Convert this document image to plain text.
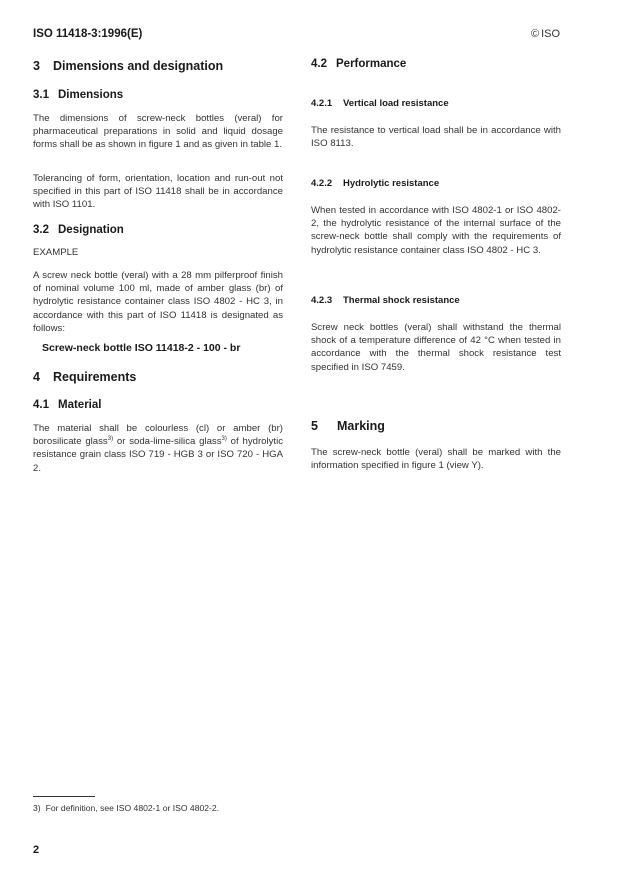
ISO 11418-3:1996(E)	© ISO
3 Dimensions and designation
3.1 Dimensions
The dimensions of screw-neck bottles (veral) for pharmaceutical preparations in solid and liquid dosage forms shall be as shown in figure 1 and as given in table 1.
Tolerancing of form, orientation, location and run-out not specified in this part of ISO 11418 shall be in accordance with ISO 1101.
3.2 Designation
EXAMPLE
A screw neck bottle (veral) with a 28 mm pilferproof finish of nominal volume 100 ml, made of amber glass (br) of hydrolytic resistance container class ISO 4802 - HC 3, in accordance with this part of ISO 11418 is designated as follows:
Screw-neck bottle ISO 11418-2 - 100 - br
4 Requirements
4.1 Material
The material shall be colourless (cl) or amber (br) borosilicate glass$^{3)}$ or soda-lime-silica glass$^{3)}$ of hydrolytic resistance grain class ISO 719 - HGB 3 or ISO 720 - HGA 2.
4.2 Performance
4.2.1 Vertical load resistance
The resistance to vertical load shall be in accordance with ISO 8113.
4.2.2 Hydrolytic resistance
When tested in accordance with ISO 4802-1 or ISO 4802-2, the hydrolytic resistance of the internal surface of the screw-neck bottle shall comply with the requirements of hydrolytic resistance container class ISO 4802 - HC 3.
4.2.3 Thermal shock resistance
Screw neck bottles (veral) shall withstand the thermal shock of a temperature difference of 42 °C when tested in accordance with the thermal shock resistance test specified in ISO 7459.
5 Marking
The screw-neck bottle (veral) shall be marked with the information specified in figure 1 (view Y).
3) For definition, see ISO 4802-1 or ISO 4802-2.
2
